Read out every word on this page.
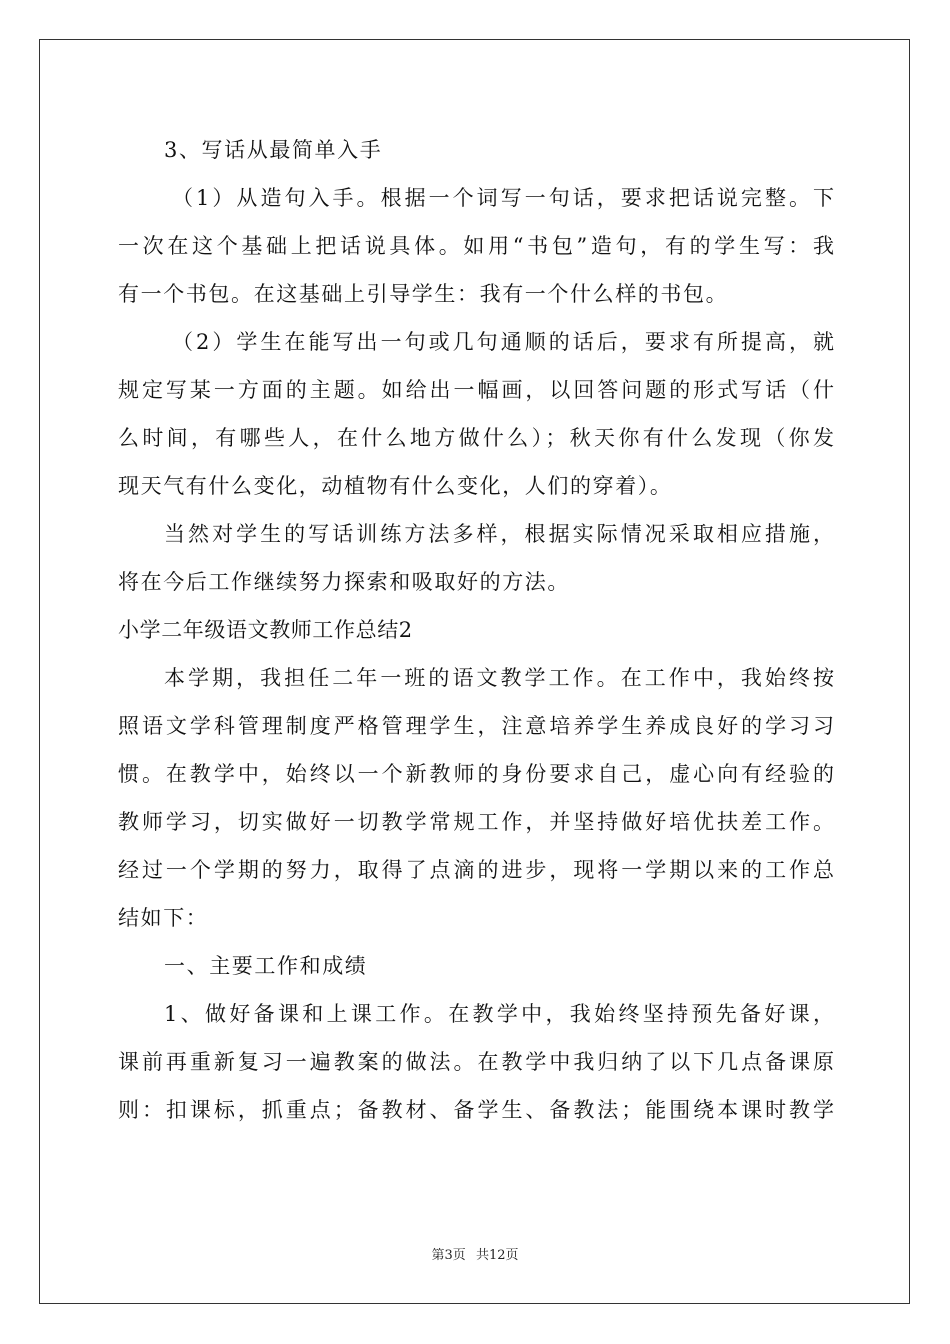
3、写话从最简单入手
（1）从造句入手。根据一个词写一句话，要求把话说完整。下
一次在这个基础上把话说具体。如用“书包”造句，有的学生写：我
有一个书包。在这基础上引导学生：我有一个什么样的书包。
（2）学生在能写出一句或几句通顺的话后，要求有所提高，就
规定写某一方面的主题。如给出一幅画，以回答问题的形式写话（什
么时间，有哪些人，在什么地方做什么）；秋天你有什么发现（你发
现天气有什么变化，动植物有什么变化，人们的穿着）。
当然对学生的写话训练方法多样，根据实际情况采取相应措施，
将在今后工作继续努力探索和吸取好的方法。
小学二年级语文教师工作总结2
本学期，我担任二年一班的语文教学工作。在工作中，我始终按
照语文学科管理制度严格管理学生，注意培养学生养成良好的学习习
惯。在教学中，始终以一个新教师的身份要求自己，虚心向有经验的
教师学习，切实做好一切教学常规工作，并坚持做好培优扶差工作。
经过一个学期的努力，取得了点滴的进步，现将一学期以来的工作总
结如下：
一、主要工作和成绩
1、做好备课和上课工作。在教学中，我始终坚持预先备好课，
课前再重新复习一遍教案的做法。在教学中我归纳了以下几点备课原
则：扣课标，抓重点；备教材、备学生、备教法；能围绕本课时教学
第3页 共12页
